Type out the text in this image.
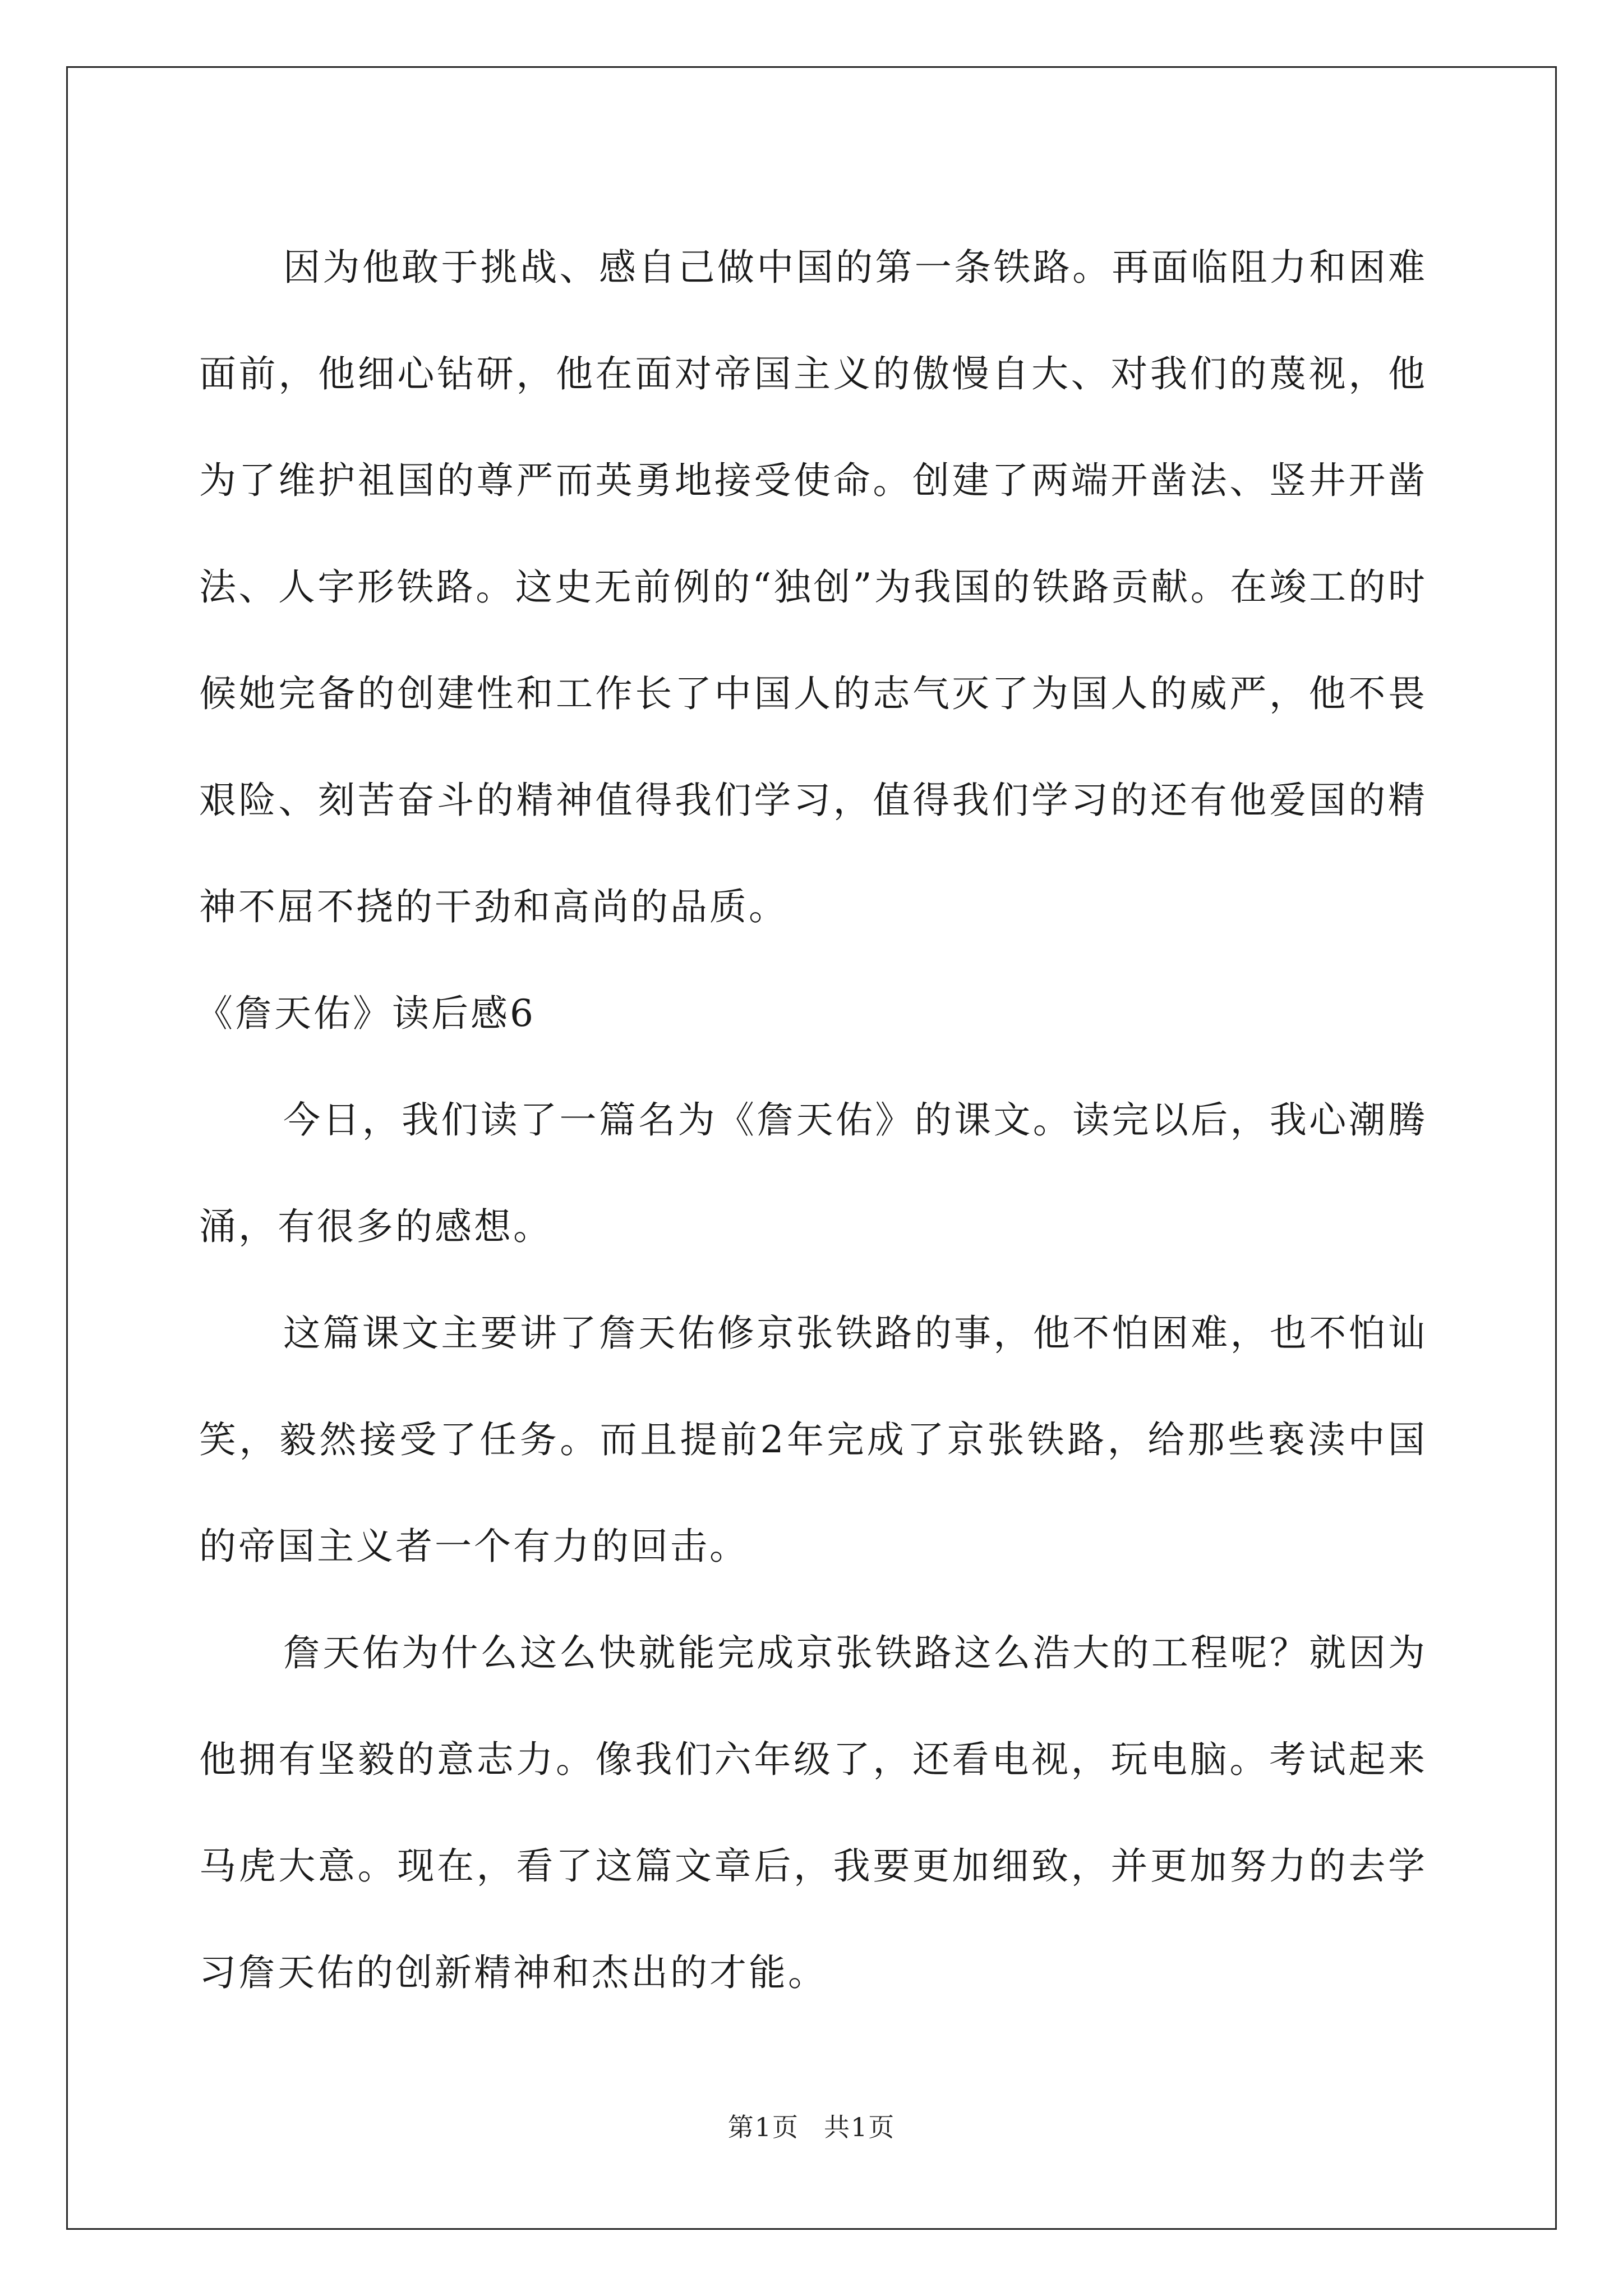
因为他敢于挑战、感自己做中国的第一条铁路。再面临阻力和困难面前，他细心钻研，他在面对帝国主义的傲慢自大、对我们的蔑视，他为了维护祖国的尊严而英勇地接受使命。创建了两端开凿法、竖井开凿法、人字形铁路。这史无前例的“独创”为我国的铁路贡献。在竣工的时候她完备的创建性和工作长了中国人的志气灭了为国人的威严，他不畏艰险、刻苦奋斗的精神值得我们学习，值得我们学习的还有他爱国的精神不屈不挠的干劲和高尚的品质。

《詹天佑》读后感6

今日，我们读了一篇名为《詹天佑》的课文。读完以后，我心潮腾涌，有很多的感想。

这篇课文主要讲了詹天佑修京张铁路的事，他不怕困难，也不怕讪笑，毅然接受了任务。而且提前2年完成了京张铁路，给那些亵渎中国的帝国主义者一个有力的回击。

詹天佑为什么这么快就能完成京张铁路这么浩大的工程呢？就因为他拥有坚毅的意志力。像我们六年级了，还看电视，玩电脑。考试起来马虎大意。现在，看了这篇文章后，我要更加细致，并更加努力的去学习詹天佑的创新精神和杰出的才能。

第1页 共1页
